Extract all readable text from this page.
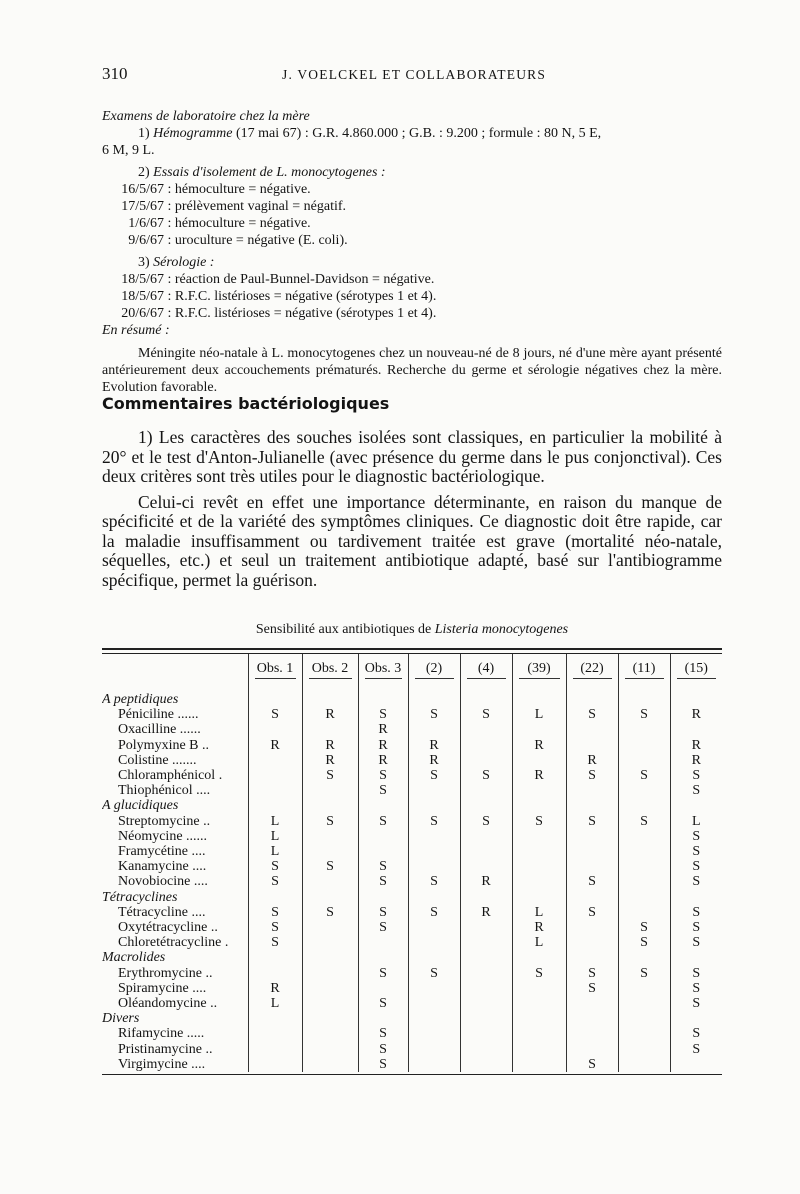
310	J. VOELCKEL ET COLLABORATEURS
Examens de laboratoire chez la mère
1) Hémogramme (17 mai 67) : G.R. 4.860.000 ; G.B. : 9.200 ; formule : 80 N, 5 E,
6 M, 9 L.
2) Essais d'isolement de L. monocytogenes :
16/5/67 : hémoculture = négative.
17/5/67 : prélèvement vaginal = négatif.
1/6/67 : hémoculture = négative.
9/6/67 : uroculture = négative (E. coli).
3) Sérologie :
18/5/67 : réaction de Paul-Bunnel-Davidson = négative.
18/5/67 : R.F.C. listérioses = négative (sérotypes 1 et 4).
20/6/67 : R.F.C. listérioses = négative (sérotypes 1 et 4).
En résumé :
Méningite néo-natale à L. monocytogenes chez un nouveau-né de 8 jours, né d'une mère ayant présenté antérieurement deux accouchements prématurés. Recherche du germe et sérologie négatives chez la mère. Evolution favorable.
Commentaires bactériologiques

1) Les caractères des souches isolées sont classiques, en particulier la mobilité à 20° et le test d'Anton-Julianelle (avec présence du germe dans le pus conjonctival). Ces deux critères sont très utiles pour le diagnostic bactériologique.

Celui-ci revêt en effet une importance déterminante, en raison du manque de spécificité et de la variété des symptômes cliniques. Ce diagnostic doit être rapide, car la maladie insuffisamment ou tardivement traitée est grave (mortalité néo-natale, séquelles, etc.) et seul un traitement antibiotique adapté, basé sur l'antibiogramme spécifique, permet la guérison.

Sensibilité aux antibiotiques de Listeria monocytogenes

	Obs. 1	Obs. 2	Obs. 3	(2)	(4)	(39)	(22)	(11)	(15)

A peptidiques									
Péniciline ......	S	R	S	S	S	L	S	S	R
Oxacilline ......			R						
Polymyxine B ..	R	R	R	R		R			R
Colistine .......		R	R	R			R		R
Chloramphénicol .		S	S	S	S	R	S	S	S
Thiophénicol ....			S						S
A glucidiques									
Streptomycine ..	L	S	S	S	S	S	S	S	L
Néomycine ......	L								S
Framycétine ....	L								S
Kanamycine ....	S	S	S						S
Novobiocine ....	S		S	S	R		S		S
Tétracyclines									
Tétracycline ....	S	S	S	S	R	L	S		S
Oxytétracycline ..	S		S			R		S	S
Chloretétracycline .	S					L		S	S
Macrolides									
Erythromycine ..			S	S		S	S	S	S
Spiramycine ....	R						S		S
Oléandomycine ..	L		S						S
Divers									
Rifamycine .....			S						S
Pristinamycine ..			S						S
Virgimycine ....			S				S		
